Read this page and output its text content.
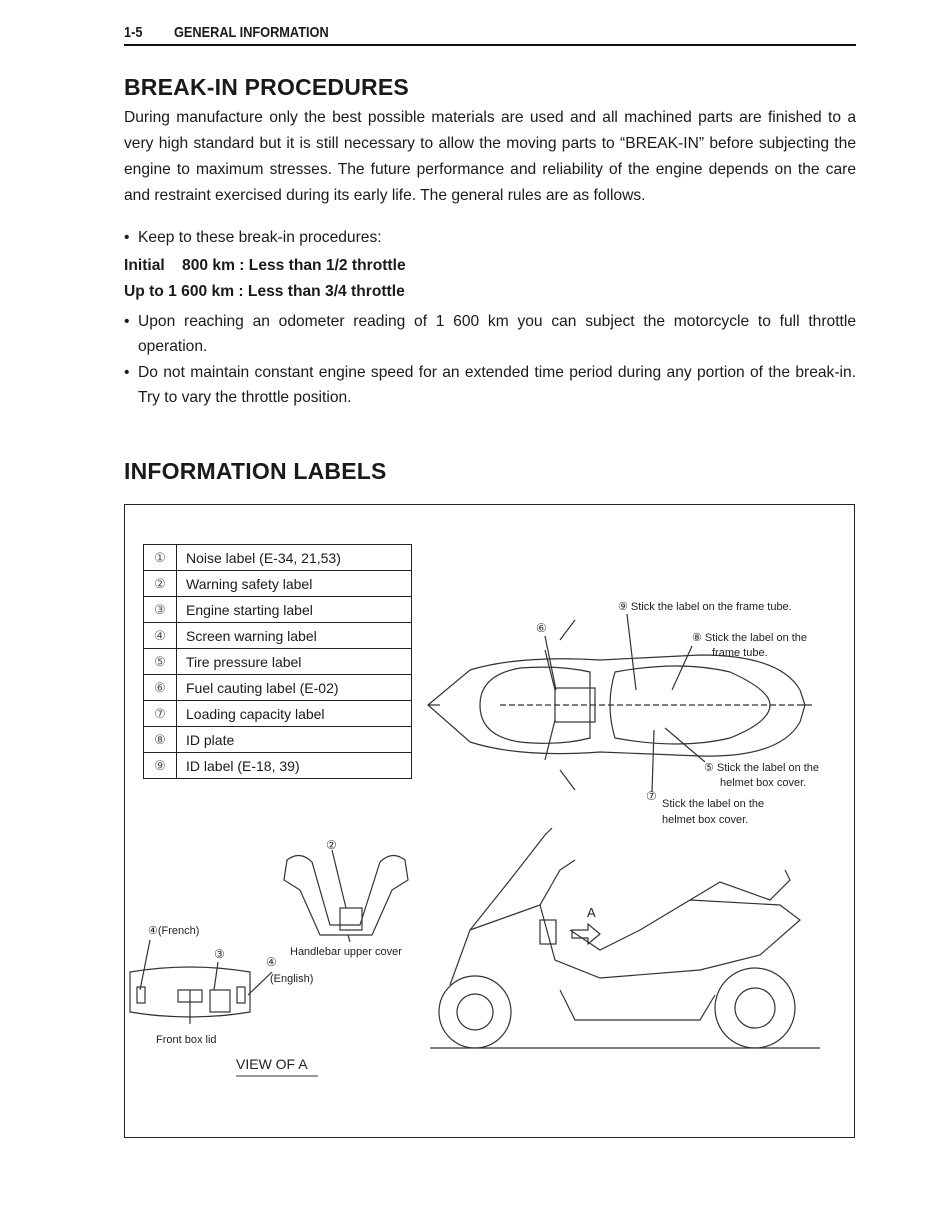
1-5 GENERAL INFORMATION
BREAK-IN PROCEDURES

During manufacture only the best possible materials are used and all machined parts are finished to a very high standard but it is still necessary to allow the moving parts to “BREAK-IN” before subjecting the engine to maximum stresses. The future performance and reliability of the engine depends on the care and restraint exercised during its early life. The general rules are as follows.

• Keep to these break-in procedures:

Initial    800 km : Less than 1/2 throttle

Up to 1 600 km : Less than 3/4 throttle

• Upon reaching an odometer reading of 1 600 km you can subject the motorcycle to full throttle operation.
• Do not maintain constant engine speed for an extended time period during any portion of the break-in. Try to vary the throttle position.
INFORMATION LABELS
①	Noise label (E-34, 21,53)
②	Warning safety label
③	Engine starting label
④	Screen warning label
⑤	Tire pressure label
⑥	Fuel cauting label (E-02)
⑦	Loading capacity label
⑧	ID plate
⑨	ID label (E-18, 39)
⑨ Stick the label on the frame tube.
⑥
⑧ Stick the label on the
frame tube.
⑤ Stick the label on the
helmet box cover.
⑦
Stick the label on the
helmet box cover.
②
Handlebar upper cover
④(French)
③
④
(English)
Front box lid
VIEW OF A
A
